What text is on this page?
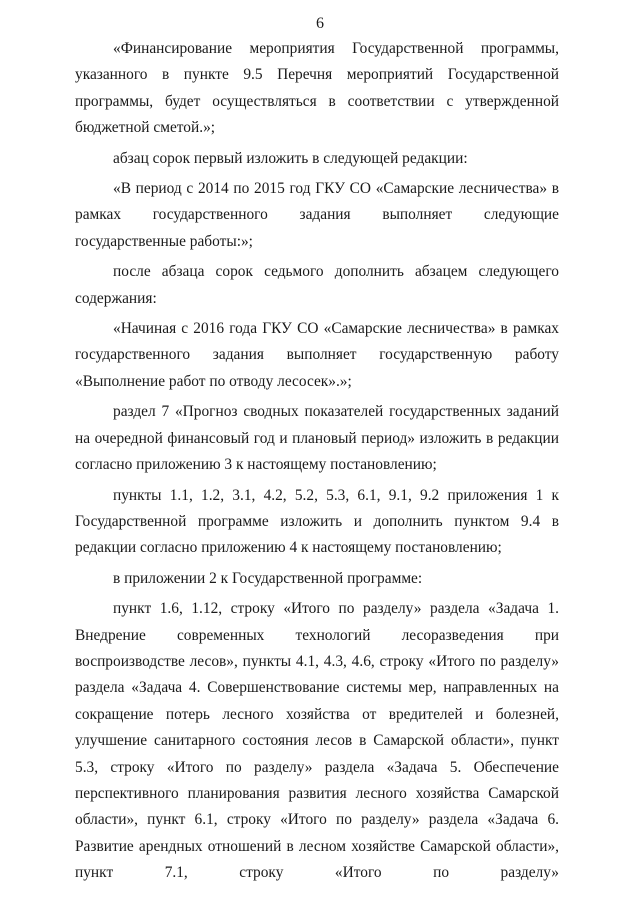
6

«Финансирование мероприятия Государственной программы, указанного в пункте 9.5 Перечня мероприятий Государственной программы, будет осуществляться в соответствии с утвержденной бюджетной сметой.»;

абзац сорок первый изложить в следующей редакции:

«В период с 2014 по 2015 год ГКУ СО «Самарские лесничества» в рамках государственного задания выполняет следующие государственные работы:»;

после абзаца сорок седьмого дополнить абзацем следующего содержания:

«Начиная с 2016 года ГКУ СО «Самарские лесничества» в рамках государственного задания выполняет государственную работу «Выполнение работ по отводу лесосек».»;

раздел 7 «Прогноз сводных показателей государственных заданий на очередной финансовый год и плановый период» изложить в редакции согласно приложению 3 к настоящему постановлению;

пункты 1.1, 1.2, 3.1, 4.2, 5.2, 5.3, 6.1, 9.1, 9.2 приложения 1 к Государственной программе изложить и дополнить пунктом 9.4 в редакции согласно приложению 4 к настоящему постановлению;

в приложении 2 к Государственной программе:

пункт 1.6, 1.12, строку «Итого по разделу» раздела «Задача 1. Внедрение современных технологий лесоразведения при воспроизводстве лесов», пункты 4.1, 4.3, 4.6, строку «Итого по разделу» раздела «Задача 4. Совершенствование системы мер, направленных на сокращение потерь лесного хозяйства от вредителей и болезней, улучшение санитарного состояния лесов в Самарской области», пункт 5.3, строку «Итого по разделу» раздела «Задача 5. Обеспечение перспективного планирования развития лесного хозяйства Самарской области», пункт 6.1, строку «Итого по разделу» раздела «Задача 6. Развитие арендных отношений в лесном хозяйстве Самарской области», пункт 7.1, строку «Итого по разделу»
